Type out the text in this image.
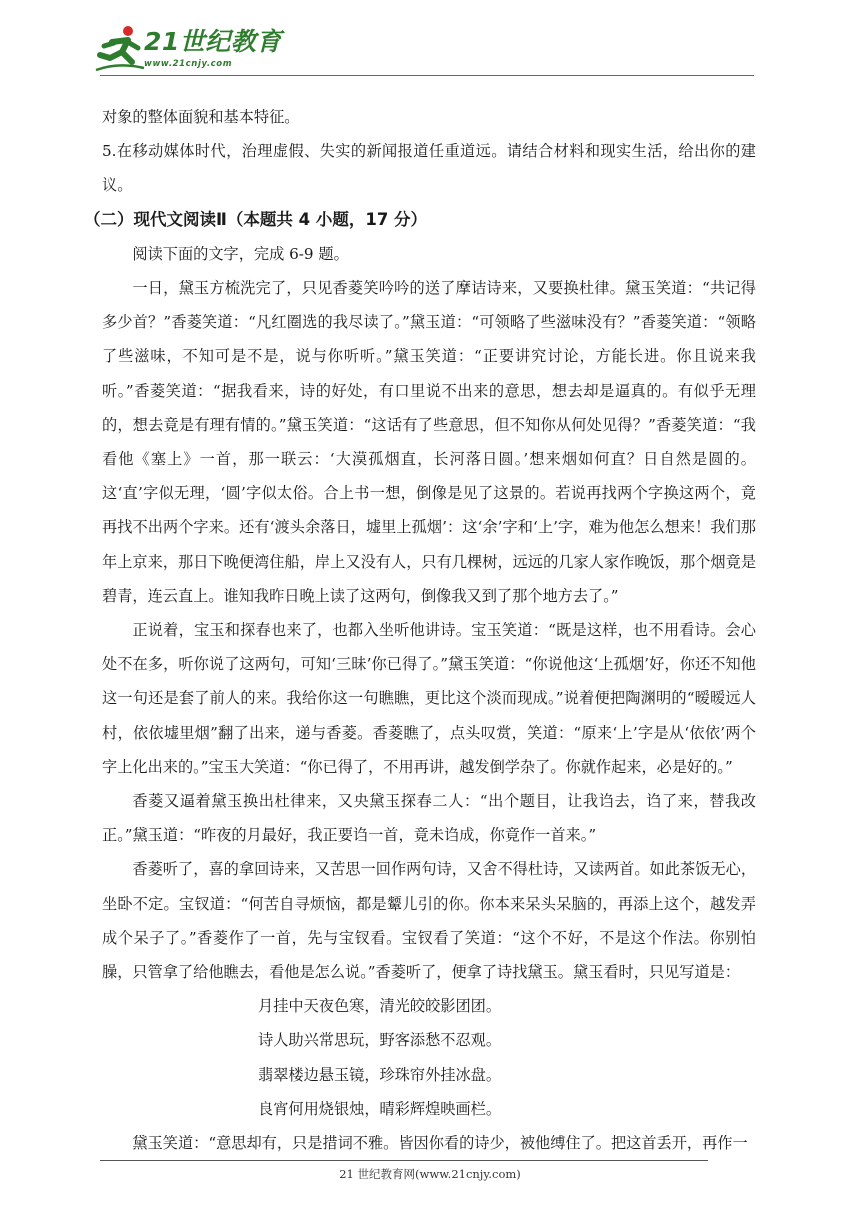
21世纪教育
www.21cnjy.com

对象的整体面貌和基本特征。

5.在移动媒体时代，治理虚假、失实的新闻报道任重道远。请结合材料和现实生活，给出你的建议。

（二）现代文阅读Ⅱ（本题共 4 小题，17 分）

阅读下面的文字，完成 6-9 题。

一日，黛玉方梳洗完了，只见香菱笑吟吟的送了摩诘诗来，又要换杜律。黛玉笑道：“共记得多少首？”香菱笑道：“凡红圈选的我尽读了。”黛玉道：“可领略了些滋味没有？”香菱笑道：“领略了些滋味，不知可是不是，说与你听听。”黛玉笑道：“正要讲究讨论，方能长进。你且说来我听。”香菱笑道：“据我看来，诗的好处，有口里说不出来的意思，想去却是逼真的。有似乎无理的，想去竟是有理有情的。”黛玉笑道：“这话有了些意思，但不知你从何处见得？”香菱笑道：“我看他《塞上》一首，那一联云：‘大漠孤烟直，长河落日圆。’想来烟如何直？日自然是圆的。这‘直’字似无理，‘圆’字似太俗。合上书一想，倒像是见了这景的。若说再找两个字换这两个，竟再找不出两个字来。还有‘渡头余落日，墟里上孤烟’：这‘余’字和‘上’字，难为他怎么想来！我们那年上京来，那日下晚便湾住船，岸上又没有人，只有几棵树，远远的几家人家作晚饭，那个烟竟是碧青，连云直上。谁知我昨日晚上读了这两句，倒像我又到了那个地方去了。”

正说着，宝玉和探春也来了，也都入坐听他讲诗。宝玉笑道：“既是这样，也不用看诗。会心处不在多，听你说了这两句，可知‘三昧’你已得了。”黛玉笑道：“你说他这‘上孤烟’好，你还不知他这一句还是套了前人的来。我给你这一句瞧瞧，更比这个淡而现成。”说着便把陶渊明的“暧暧远人村，依依墟里烟”翻了出来，递与香菱。香菱瞧了，点头叹赏，笑道：“原来‘上’字是从‘依依’两个字上化出来的。”宝玉大笑道：“你已得了，不用再讲，越发倒学杂了。你就作起来，必是好的。”

香菱又逼着黛玉换出杜律来，又央黛玉探春二人：“出个题目，让我诌去，诌了来，替我改正。”黛玉道：“昨夜的月最好，我正要诌一首，竟未诌成，你竟作一首来。”

香菱听了，喜的拿回诗来，又苦思一回作两句诗，又舍不得杜诗，又读两首。如此茶饭无心，坐卧不定。宝钗道：“何苦自寻烦恼，都是颦儿引的你。你本来呆头呆脑的，再添上这个，越发弄成个呆子了。”香菱作了一首，先与宝钗看。宝钗看了笑道：“这个不好，不是这个作法。你别怕臊，只管拿了给他瞧去，看他是怎么说。”香菱听了，便拿了诗找黛玉。黛玉看时，只见写道是：

月挂中天夜色寒，清光皎皎影团团。

诗人助兴常思玩，野客添愁不忍观。

翡翠楼边悬玉镜，珍珠帘外挂冰盘。

良宵何用烧银烛，晴彩辉煌映画栏。

黛玉笑道：“意思却有，只是措词不雅。皆因你看的诗少，被他缚住了。把这首丢开，再作一

21 世纪教育网(www.21cnjy.com)
